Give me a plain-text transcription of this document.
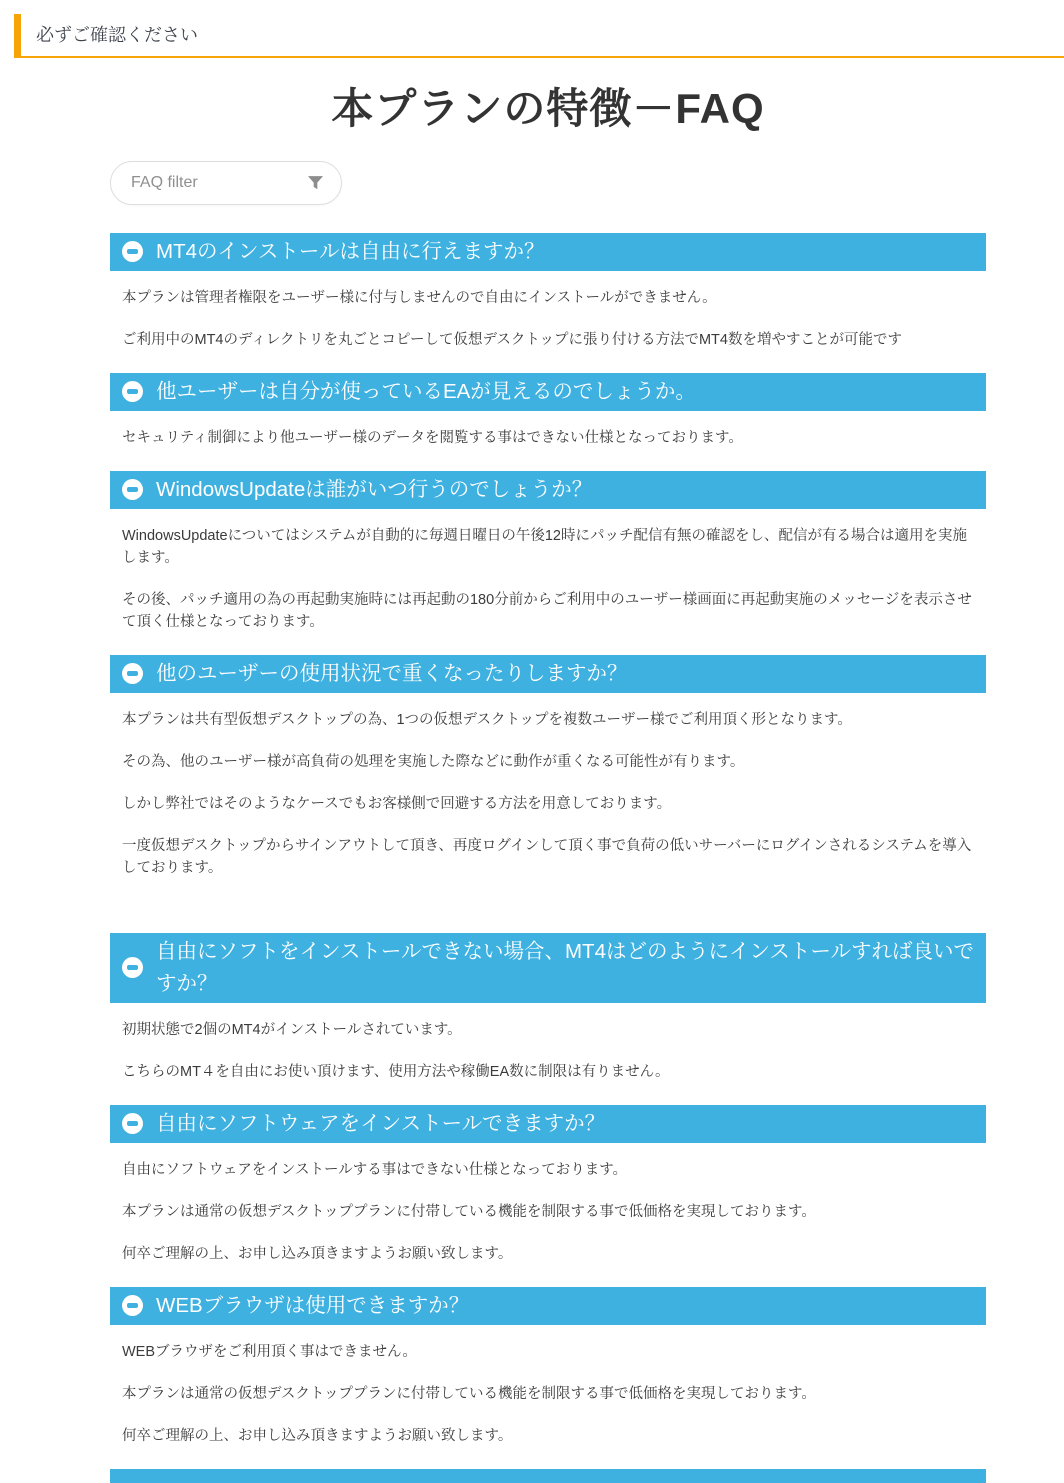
必ずご確認ください
本プランの特徴－FAQ
FAQ filter
MT4のインストールは自由に行えますか？

本プランは管理者権限をユーザー様に付与しませんので自由にインストールができません。

ご利用中のMT4のディレクトリを丸ごとコピーして仮想デスクトップに張り付ける方法でMT4数を増やすことが可能です

他ユーザーは自分が使っているEAが見えるのでしょうか。

セキュリティ制御により他ユーザー様のデータを閲覧する事はできない仕様となっております。

WindowsUpdateは誰がいつ行うのでしょうか？

WindowsUpdateについてはシステムが自動的に毎週日曜日の午後12時にパッチ配信有無の確認をし、配信が有る場合は適用を実施します。

その後、パッチ適用の為の再起動実施時には再起動の180分前からご利用中のユーザー様画面に再起動実施のメッセージを表示させて頂く仕様となっております。

他のユーザーの使用状況で重くなったりしますか？

本プランは共有型仮想デスクトップの為、1つの仮想デスクトップを複数ユーザー様でご利用頂く形となります。

その為、他のユーザー様が高負荷の処理を実施した際などに動作が重くなる可能性が有ります。

しかし弊社ではそのようなケースでもお客様側で回避する方法を用意しております。

一度仮想デスクトップからサインアウトして頂き、再度ログインして頂く事で負荷の低いサーバーにログインされるシステムを導入しております。

自由にソフトをインストールできない場合、MT4はどのようにインストールすれば良いですか？

初期状態で2個のMT4がインストールされています。

こちらのMT４を自由にお使い頂けます、使用方法や稼働EA数に制限は有りません。

自由にソフトウェアをインストールできますか？

自由にソフトウェアをインストールする事はできない仕様となっております。

本プランは通常の仮想デスクトッププランに付帯している機能を制限する事で低価格を実現しております。

何卒ご理解の上、お申し込み頂きますようお願い致します。

WEBブラウザは使用できますか？

WEBブラウザをご利用頂く事はできません。

本プランは通常の仮想デスクトッププランに付帯している機能を制限する事で低価格を実現しております。

何卒ご理解の上、お申し込み頂きますようお願い致します。
